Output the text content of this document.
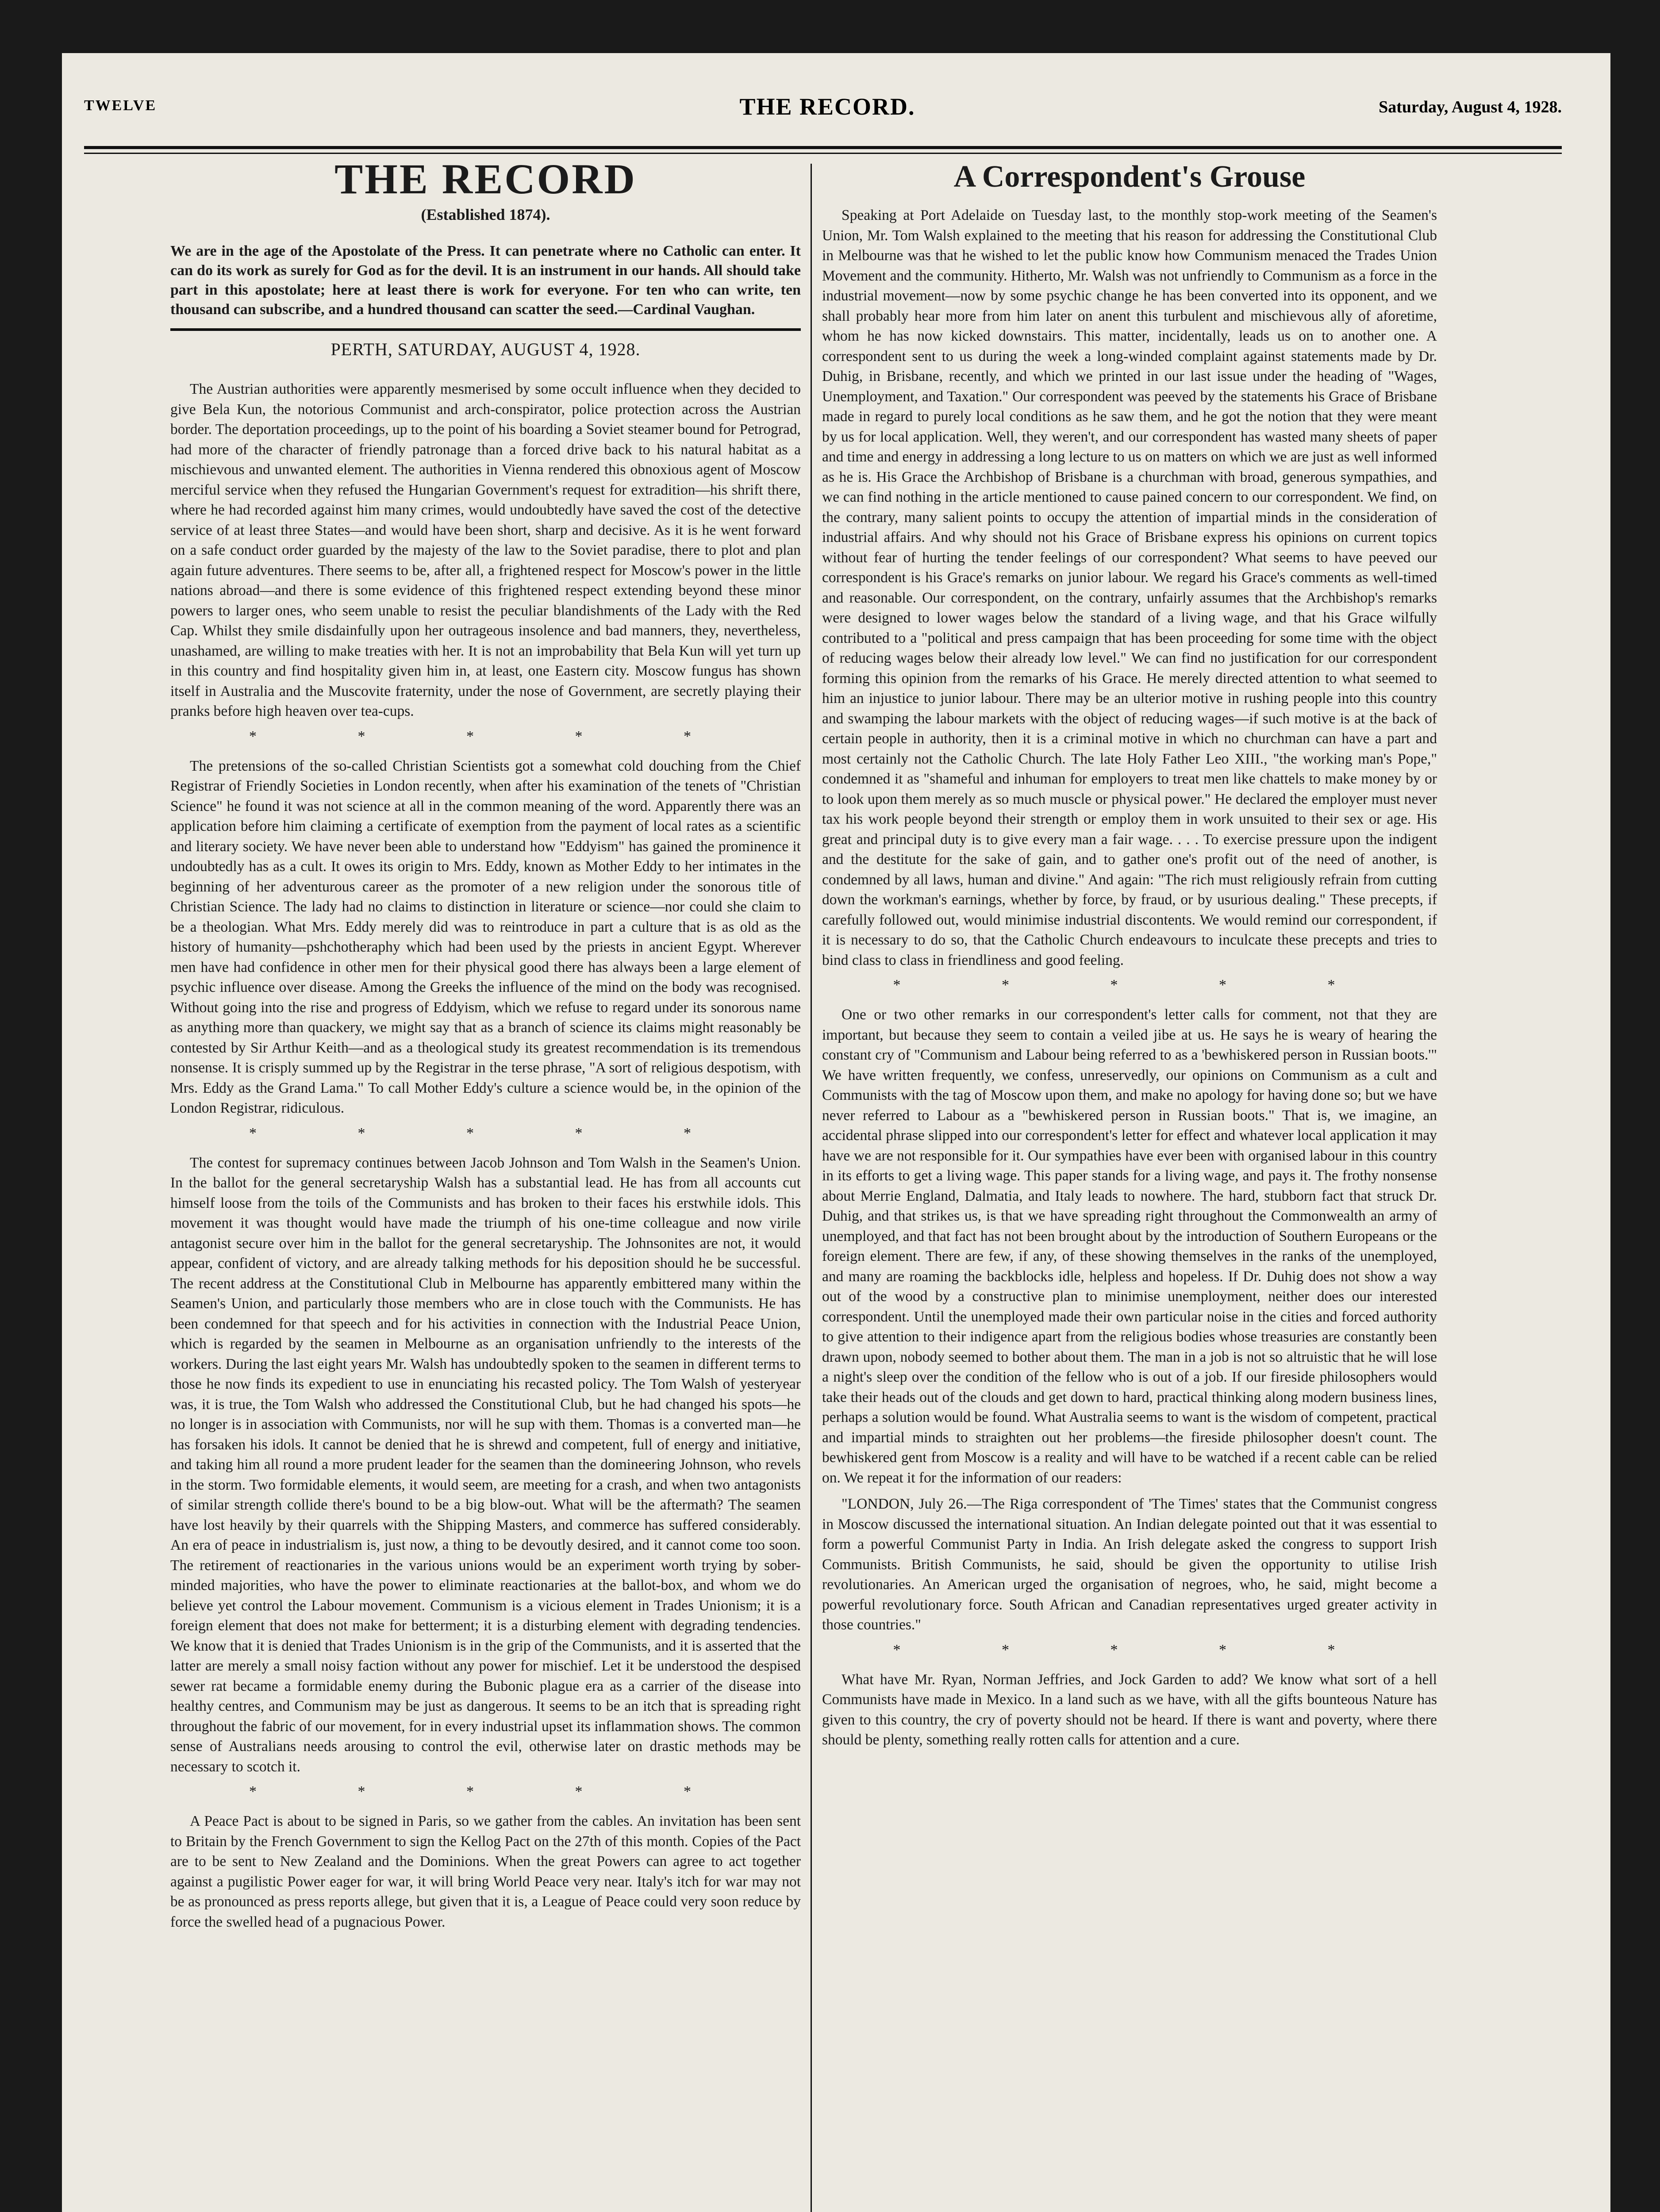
TWELVE	THE RECORD.	Saturday, August 4, 1928.
THE RECORD
(Established 1874).
We are in the age of the Apostolate of the Press. It can penetrate where no Catholic can enter. It can do its work as surely for God as for the devil. It is an instrument in our hands. All should take part in this apostolate; here at least there is work for everyone. For ten who can write, ten thousand can subscribe, and a hundred thousand can scatter the seed.—Cardinal Vaughan.
PERTH, SATURDAY, AUGUST 4, 1928.

The Austrian authorities were apparently mesmerised by some occult influence when they decided to give Bela Kun, the notorious Communist and arch-conspirator, police protection across the Austrian border. The deportation proceedings, up to the point of his boarding a Soviet steamer bound for Petrograd, had more of the character of friendly patronage than a forced drive back to his natural habitat as a mischievous and unwanted element. The authorities in Vienna rendered this obnoxious agent of Moscow merciful service when they refused the Hungarian Government's request for extradition—his shrift there, where he had recorded against him many crimes, would undoubtedly have saved the cost of the detective service of at least three States—and would have been short, sharp and decisive. As it is he went forward on a safe conduct order guarded by the majesty of the law to the Soviet paradise, there to plot and plan again future adventures. There seems to be, after all, a frightened respect for Moscow's power in the little nations abroad—and there is some evidence of this frightened respect extending beyond these minor powers to larger ones, who seem unable to resist the peculiar blandishments of the Lady with the Red Cap. Whilst they smile disdainfully upon her outrageous insolence and bad manners, they, nevertheless, unashamed, are willing to make treaties with her. It is not an improbability that Bela Kun will yet turn up in this country and find hospitality given him in, at least, one Eastern city. Moscow fungus has shown itself in Australia and the Muscovite fraternity, under the nose of Government, are secretly playing their pranks before high heaven over tea-cups.

* * * * *

The pretensions of the so-called Christian Scientists got a somewhat cold douching from the Chief Registrar of Friendly Societies in London recently, when after his examination of the tenets of "Christian Science" he found it was not science at all in the common meaning of the word. Apparently there was an application before him claiming a certificate of exemption from the payment of local rates as a scientific and literary society. We have never been able to understand how "Eddyism" has gained the prominence it undoubtedly has as a cult. It owes its origin to Mrs. Eddy, known as Mother Eddy to her intimates in the beginning of her adventurous career as the promoter of a new religion under the sonorous title of Christian Science. The lady had no claims to distinction in literature or science—nor could she claim to be a theologian. What Mrs. Eddy merely did was to reintroduce in part a culture that is as old as the history of humanity—pshchotheraphy which had been used by the priests in ancient Egypt. Wherever men have had confidence in other men for their physical good there has always been a large element of psychic influence over disease. Among the Greeks the influence of the mind on the body was recognised. Without going into the rise and progress of Eddyism, which we refuse to regard under its sonorous name as anything more than quackery, we might say that as a branch of science its claims might reasonably be contested by Sir Arthur Keith—and as a theological study its greatest recommendation is its tremendous nonsense. It is crisply summed up by the Registrar in the terse phrase, "A sort of religious despotism, with Mrs. Eddy as the Grand Lama." To call Mother Eddy's culture a science would be, in the opinion of the London Registrar, ridiculous.

* * * * *

The contest for supremacy continues between Jacob Johnson and Tom Walsh in the Seamen's Union. In the ballot for the general secretaryship Walsh has a substantial lead. He has from all accounts cut himself loose from the toils of the Communists and has broken to their faces his erstwhile idols. This movement it was thought would have made the triumph of his one-time colleague and now virile antagonist secure over him in the ballot for the general secretaryship. The Johnsonites are not, it would appear, confident of victory, and are already talking methods for his deposition should he be successful. The recent address at the Constitutional Club in Melbourne has apparently embittered many within the Seamen's Union, and particularly those members who are in close touch with the Communists. He has been condemned for that speech and for his activities in connection with the Industrial Peace Union, which is regarded by the seamen in Melbourne as an organisation unfriendly to the interests of the workers. During the last eight years Mr. Walsh has undoubtedly spoken to the seamen in different terms to those he now finds its expedient to use in enunciating his recasted policy. The Tom Walsh of yesteryear was, it is true, the Tom Walsh who addressed the Constitutional Club, but he had changed his spots—he no longer is in association with Communists, nor will he sup with them. Thomas is a converted man—he has forsaken his idols. It cannot be denied that he is shrewd and competent, full of energy and initiative, and taking him all round a more prudent leader for the seamen than the domineering Johnson, who revels in the storm. Two formidable elements, it would seem, are meeting for a crash, and when two antagonists of similar strength collide there's bound to be a big blow-out. What will be the aftermath? The seamen have lost heavily by their quarrels with the Shipping Masters, and commerce has suffered considerably. An era of peace in industrialism is, just now, a thing to be devoutly desired, and it cannot come too soon. The retirement of reactionaries in the various unions would be an experiment worth trying by sober-minded majorities, who have the power to eliminate reactionaries at the ballot-box, and whom we do believe yet control the Labour movement. Communism is a vicious element in Trades Unionism; it is a foreign element that does not make for betterment; it is a disturbing element with degrading tendencies. We know that it is denied that Trades Unionism is in the grip of the Communists, and it is asserted that the latter are merely a small noisy faction without any power for mischief. Let it be understood the despised sewer rat became a formidable enemy during the Bubonic plague era as a carrier of the disease into healthy centres, and Communism may be just as dangerous. It seems to be an itch that is spreading right throughout the fabric of our movement, for in every industrial upset its inflammation shows. The common sense of Australians needs arousing to control the evil, otherwise later on drastic methods may be necessary to scotch it.

* * * * *

A Peace Pact is about to be signed in Paris, so we gather from the cables. An invitation has been sent to Britain by the French Government to sign the Kellog Pact on the 27th of this month. Copies of the Pact are to be sent to New Zealand and the Dominions. When the great Powers can agree to act together against a pugilistic Power eager for war, it will bring World Peace very near. Italy's itch for war may not be as pronounced as press reports allege, but given that it is, a League of Peace could very soon reduce by force the swelled head of a pugnacious Power.

A Correspondent's Grouse

Speaking at Port Adelaide on Tuesday last, to the monthly stop-work meeting of the Seamen's Union, Mr. Tom Walsh explained to the meeting that his reason for addressing the Constitutional Club in Melbourne was that he wished to let the public know how Communism menaced the Trades Union Movement and the community. Hitherto, Mr. Walsh was not unfriendly to Communism as a force in the industrial movement—now by some psychic change he has been converted into its opponent, and we shall probably hear more from him later on anent this turbulent and mischievous ally of aforetime, whom he has now kicked downstairs. This matter, incidentally, leads us on to another one. A correspondent sent to us during the week a long-winded complaint against statements made by Dr. Duhig, in Brisbane, recently, and which we printed in our last issue under the heading of "Wages, Unemployment, and Taxation." Our correspondent was peeved by the statements his Grace of Brisbane made in regard to purely local conditions as he saw them, and he got the notion that they were meant by us for local application. Well, they weren't, and our correspondent has wasted many sheets of paper and time and energy in addressing a long lecture to us on matters on which we are just as well informed as he is. His Grace the Archbishop of Brisbane is a churchman with broad, generous sympathies, and we can find nothing in the article mentioned to cause pained concern to our correspondent. We find, on the contrary, many salient points to occupy the attention of impartial minds in the consideration of industrial affairs. And why should not his Grace of Brisbane express his opinions on current topics without fear of hurting the tender feelings of our correspondent? What seems to have peeved our correspondent is his Grace's remarks on junior labour. We regard his Grace's comments as well-timed and reasonable. Our correspondent, on the contrary, unfairly assumes that the Archbishop's remarks were designed to lower wages below the standard of a living wage, and that his Grace wilfully contributed to a "political and press campaign that has been proceeding for some time with the object of reducing wages below their already low level." We can find no justification for our correspondent forming this opinion from the remarks of his Grace. He merely directed attention to what seemed to him an injustice to junior labour. There may be an ulterior motive in rushing people into this country and swamping the labour markets with the object of reducing wages—if such motive is at the back of certain people in authority, then it is a criminal motive in which no churchman can have a part and most certainly not the Catholic Church. The late Holy Father Leo XIII., "the working man's Pope," condemned it as "shameful and inhuman for employers to treat men like chattels to make money by or to look upon them merely as so much muscle or physical power." He declared the employer must never tax his work people beyond their strength or employ them in work unsuited to their sex or age. His great and principal duty is to give every man a fair wage. . . . To exercise pressure upon the indigent and the destitute for the sake of gain, and to gather one's profit out of the need of another, is condemned by all laws, human and divine." And again: "The rich must religiously refrain from cutting down the workman's earnings, whether by force, by fraud, or by usurious dealing." These precepts, if carefully followed out, would minimise industrial discontents. We would remind our correspondent, if it is necessary to do so, that the Catholic Church endeavours to inculcate these precepts and tries to bind class to class in friendliness and good feeling.

* * * * *

One or two other remarks in our correspondent's letter calls for comment, not that they are important, but because they seem to contain a veiled jibe at us. He says he is weary of hearing the constant cry of "Communism and Labour being referred to as a 'bewhiskered person in Russian boots.'" We have written frequently, we confess, unreservedly, our opinions on Communism as a cult and Communists with the tag of Moscow upon them, and make no apology for having done so; but we have never referred to Labour as a "bewhiskered person in Russian boots." That is, we imagine, an accidental phrase slipped into our correspondent's letter for effect and whatever local application it may have we are not responsible for it. Our sympathies have ever been with organised labour in this country in its efforts to get a living wage. This paper stands for a living wage, and pays it. The frothy nonsense about Merrie England, Dalmatia, and Italy leads to nowhere. The hard, stubborn fact that struck Dr. Duhig, and that strikes us, is that we have spreading right throughout the Commonwealth an army of unemployed, and that fact has not been brought about by the introduction of Southern Europeans or the foreign element. There are few, if any, of these showing themselves in the ranks of the unemployed, and many are roaming the backblocks idle, helpless and hopeless. If Dr. Duhig does not show a way out of the wood by a constructive plan to minimise unemployment, neither does our interested correspondent. Until the unemployed made their own particular noise in the cities and forced authority to give attention to their indigence apart from the religious bodies whose treasuries are constantly been drawn upon, nobody seemed to bother about them. The man in a job is not so altruistic that he will lose a night's sleep over the condition of the fellow who is out of a job. If our fireside philosophers would take their heads out of the clouds and get down to hard, practical thinking along modern business lines, perhaps a solution would be found. What Australia seems to want is the wisdom of competent, practical and impartial minds to straighten out her problems—the fireside philosopher doesn't count. The bewhiskered gent from Moscow is a reality and will have to be watched if a recent cable can be relied on. We repeat it for the information of our readers:

"LONDON, July 26.—The Riga correspondent of 'The Times' states that the Communist congress in Moscow discussed the international situation. An Indian delegate pointed out that it was essential to form a powerful Communist Party in India. An Irish delegate asked the congress to support Irish Communists. British Communists, he said, should be given the opportunity to utilise Irish revolutionaries. An American urged the organisation of negroes, who, he said, might become a powerful revolutionary force. South African and Canadian representatives urged greater activity in those countries."

* * * * *

What have Mr. Ryan, Norman Jeffries, and Jock Garden to add? We know what sort of a hell Communists have made in Mexico. In a land such as we have, with all the gifts bounteous Nature has given to this country, the cry of poverty should not be heard. If there is want and poverty, where there should be plenty, something really rotten calls for attention and a cure.
